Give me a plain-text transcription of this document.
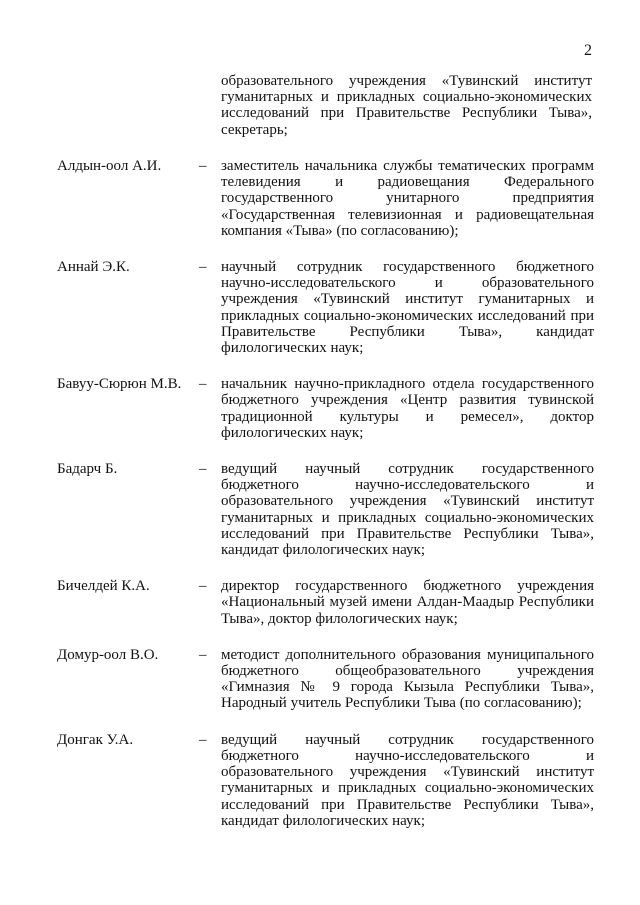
2
образовательного учреждения «Тувинский институт гуманитарных и прикладных социально-экономических исследований при Правительстве Республики Тыва», секретарь;
Алдын-оол А.И.	– заместитель начальника службы тематических программ телевидения и радиовещания Федерального государственного унитарного предприятия «Государственная телевизионная и радиовещательная компания «Тыва» (по согласованию);
Аннай Э.К.	– научный сотрудник государственного бюджетного научно-исследовательского и образовательного учреждения «Тувинский институт гуманитарных и прикладных социально-экономических исследований при Правительстве Республики Тыва», кандидат филологических наук;
Бавуу-Сюрюн М.В.	– начальник научно-прикладного отдела государственного бюджетного учреждения «Центр развития тувинской традиционной культуры и ремесел», доктор филологических наук;
Бадарч Б.	– ведущий научный сотрудник государственного бюджетного научно-исследовательского и образовательного учреждения «Тувинский институт гуманитарных и прикладных социально-экономических исследований при Правительстве Республики Тыва», кандидат филологических наук;
Бичелдей К.А.	– директор государственного бюджетного учреждения «Национальный музей имени Алдан-Маадыр Республики Тыва», доктор филологических наук;
Домур-оол В.О.	– методист дополнительного образования муниципального бюджетного общеобразовательного учреждения «Гимназия № 9 города Кызыла Республики Тыва», Народный учитель Республики Тыва (по согласованию);
Донгак У.А.	– ведущий научный сотрудник государственного бюджетного научно-исследовательского и образовательного учреждения «Тувинский институт гуманитарных и прикладных социально-экономических исследований при Правительстве Республики Тыва», кандидат филологических наук;
